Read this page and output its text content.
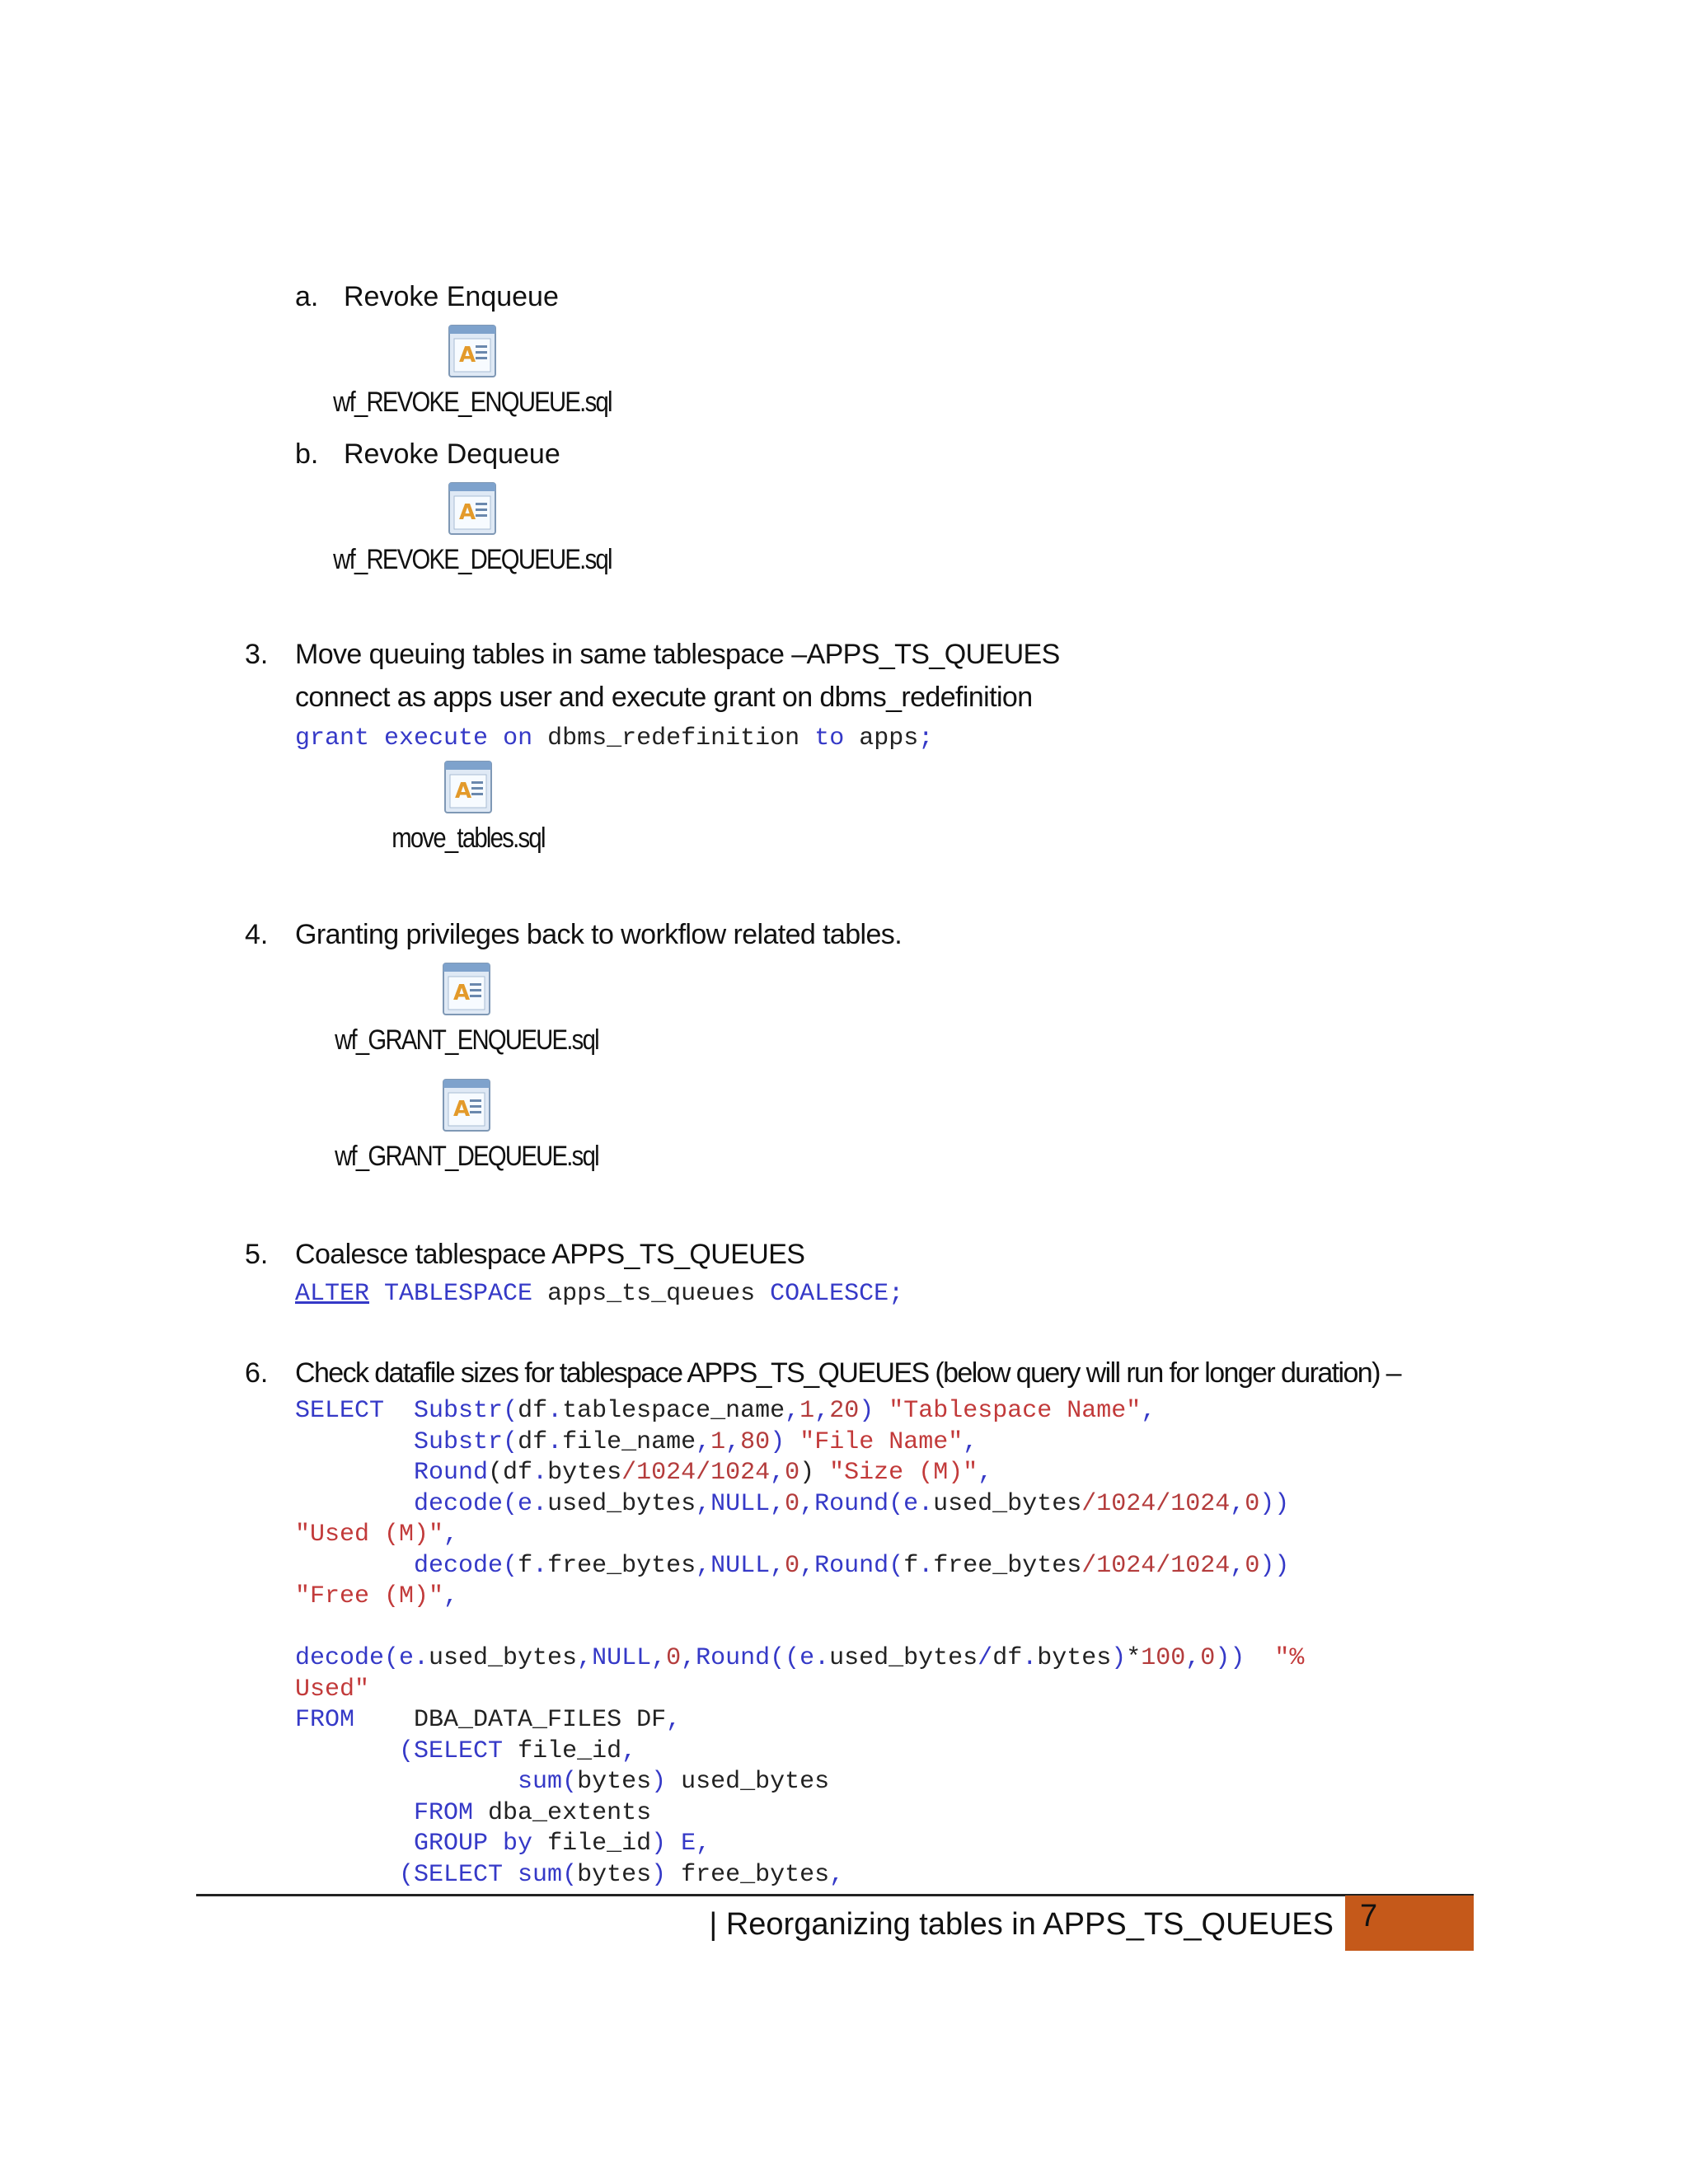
a. Revoke Enqueue
A
wf_REVOKE_ENQUEUE.sql
b. Revoke Dequeue
A
wf_REVOKE_DEQUEUE.sql
3. Move queuing tables in same tablespace –APPS_TS_QUEUES
connect as apps user and execute grant on dbms_redefinition
grant execute on dbms_redefinition to apps;
A
move_tables.sql
4. Granting privileges back to workflow related tables.
A
wf_GRANT_ENQUEUE.sql
A
wf_GRANT_DEQUEUE.sql
5. Coalesce tablespace APPS_TS_QUEUES
ALTER TABLESPACE apps_ts_queues COALESCE;
6. Check datafile sizes for tablespace APPS_TS_QUEUES (below query will run for longer duration) –
SELECT Substr(df.tablespace_name,1,20) "Tablespace Name",
Substr(df.file_name,1,80) "File Name",
Round(df.bytes/1024/1024,0) "Size (M)",
decode(e.used_bytes,NULL,0,Round(e.used_bytes/1024/1024,0))
"Used (M)",
decode(f.free_bytes,NULL,0,Round(f.free_bytes/1024/1024,0))
"Free (M)",

decode(e.used_bytes,NULL,0,Round((e.used_bytes/df.bytes)*100,0)) "%
Used"
FROM    DBA_DATA_FILES DF,
(SELECT file_id,
sum(bytes) used_bytes
FROM dba_extents
GROUP by file_id) E,
(SELECT sum(bytes) free_bytes,
| Reorganizing tables in APPS_TS_QUEUES 7
